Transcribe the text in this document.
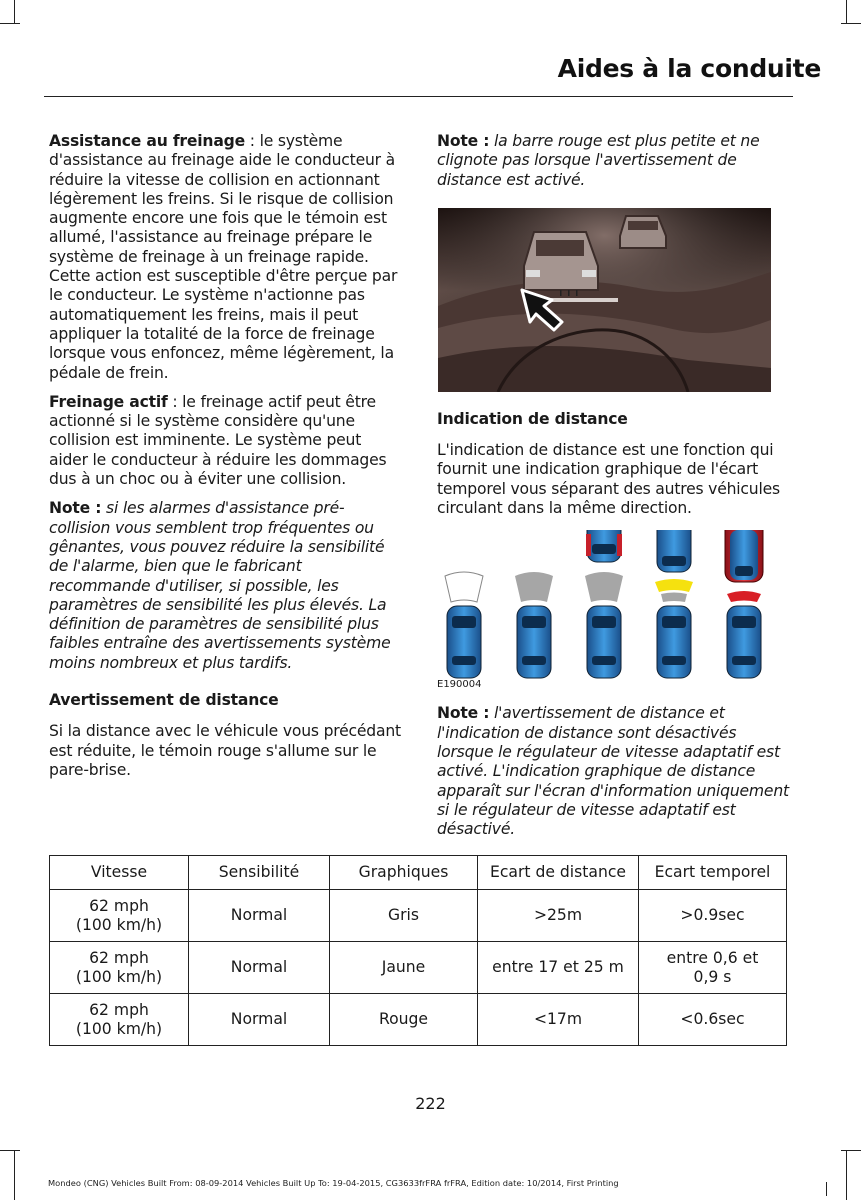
Aides à la conduite

Assistance au freinage : le système d'assistance au freinage aide le conducteur à réduire la vitesse de collision en actionnant légèrement les freins. Si le risque de collision augmente encore une fois que le témoin est allumé, l'assistance au freinage prépare le système de freinage à un freinage rapide. Cette action est susceptible d'être perçue par le conducteur. Le système n'actionne pas automatiquement les freins, mais il peut appliquer la totalité de la force de freinage lorsque vous enfoncez, même légèrement, la pédale de frein.

Freinage actif : le freinage actif peut être actionné si le système considère qu'une collision est imminente. Le système peut aider le conducteur à réduire les dommages dus à un choc ou à éviter une collision.

Note : si les alarmes d'assistance pré-collision vous semblent trop fréquentes ou gênantes, vous pouvez réduire la sensibilité de l'alarme, bien que le fabricant recommande d'utiliser, si possible, les paramètres de sensibilité les plus élevés. La définition de paramètres de sensibilité plus faibles entraîne des avertissements système moins nombreux et plus tardifs.

Avertissement de distance

Si la distance avec le véhicule vous précédant est réduite, le témoin rouge s'allume sur le pare-brise.

Note : la barre rouge est plus petite et ne clignote pas lorsque l'avertissement de distance est activé.

Indication de distance

L'indication de distance est une fonction qui fournit une indication graphique de l'écart temporel vous séparant des autres véhicules circulant dans la même direction.

E190004

Note : l'avertissement de distance et l'indication de distance sont désactivés lorsque le régulateur de vitesse adaptatif est activé. L'indication graphique de distance apparaît sur l'écran d'information uniquement si le régulateur de vitesse adaptatif est désactivé.

Vitesse	Sensibilité	Graphiques	Ecart de distance	Ecart temporel
62 mph
(100 km/h)	Normal	Gris	>25m	>0.9sec
62 mph
(100 km/h)	Normal	Jaune	entre 17 et 25 m	entre 0,6 et
0,9 s
62 mph
(100 km/h)	Normal	Rouge	<17m	<0.6sec
222
Mondeo (CNG) Vehicles Built From: 08-09-2014 Vehicles Built Up To: 19-04-2015, CG3633frFRA frFRA, Edition date: 10/2014, First Printing
